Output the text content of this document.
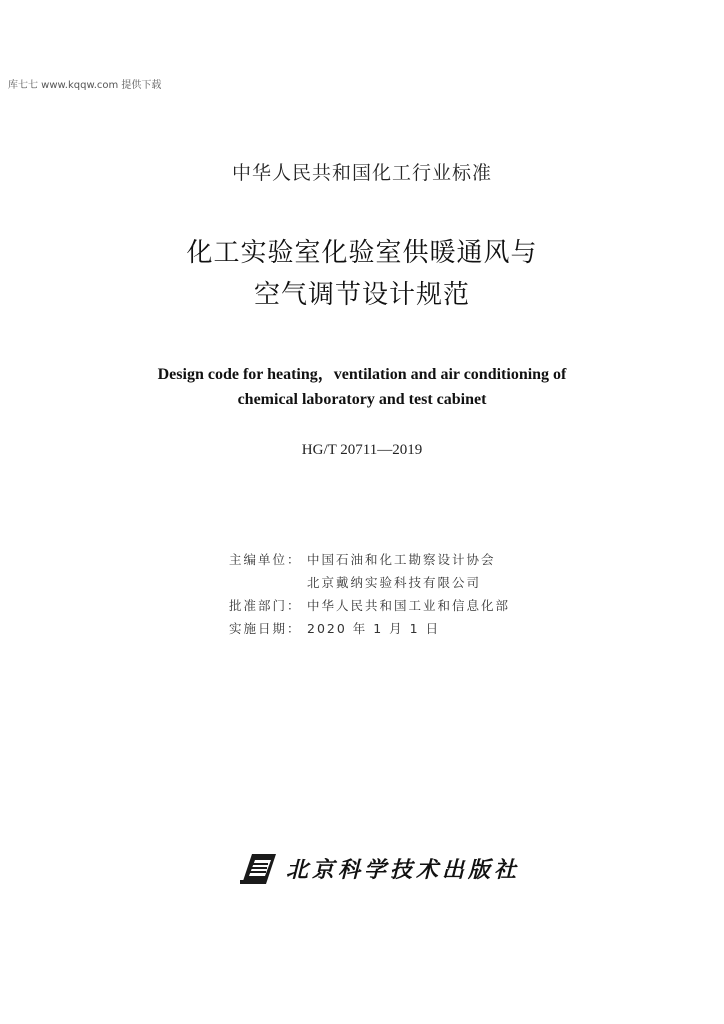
库七七 www.kqqw.com 提供下载
中华人民共和国化工行业标准
化工实验室化验室供暖通风与
空气调节设计规范
Design code for heating，ventilation and air conditioning of
chemical laboratory and test cabinet
HG/T 20711—2019
主编单位： 中国石油和化工勘察设计协会
北京戴纳实验科技有限公司
批准部门： 中华人民共和国工业和信息化部
实施日期： 2020 年 1 月 1 日
北京科学技术出版社
